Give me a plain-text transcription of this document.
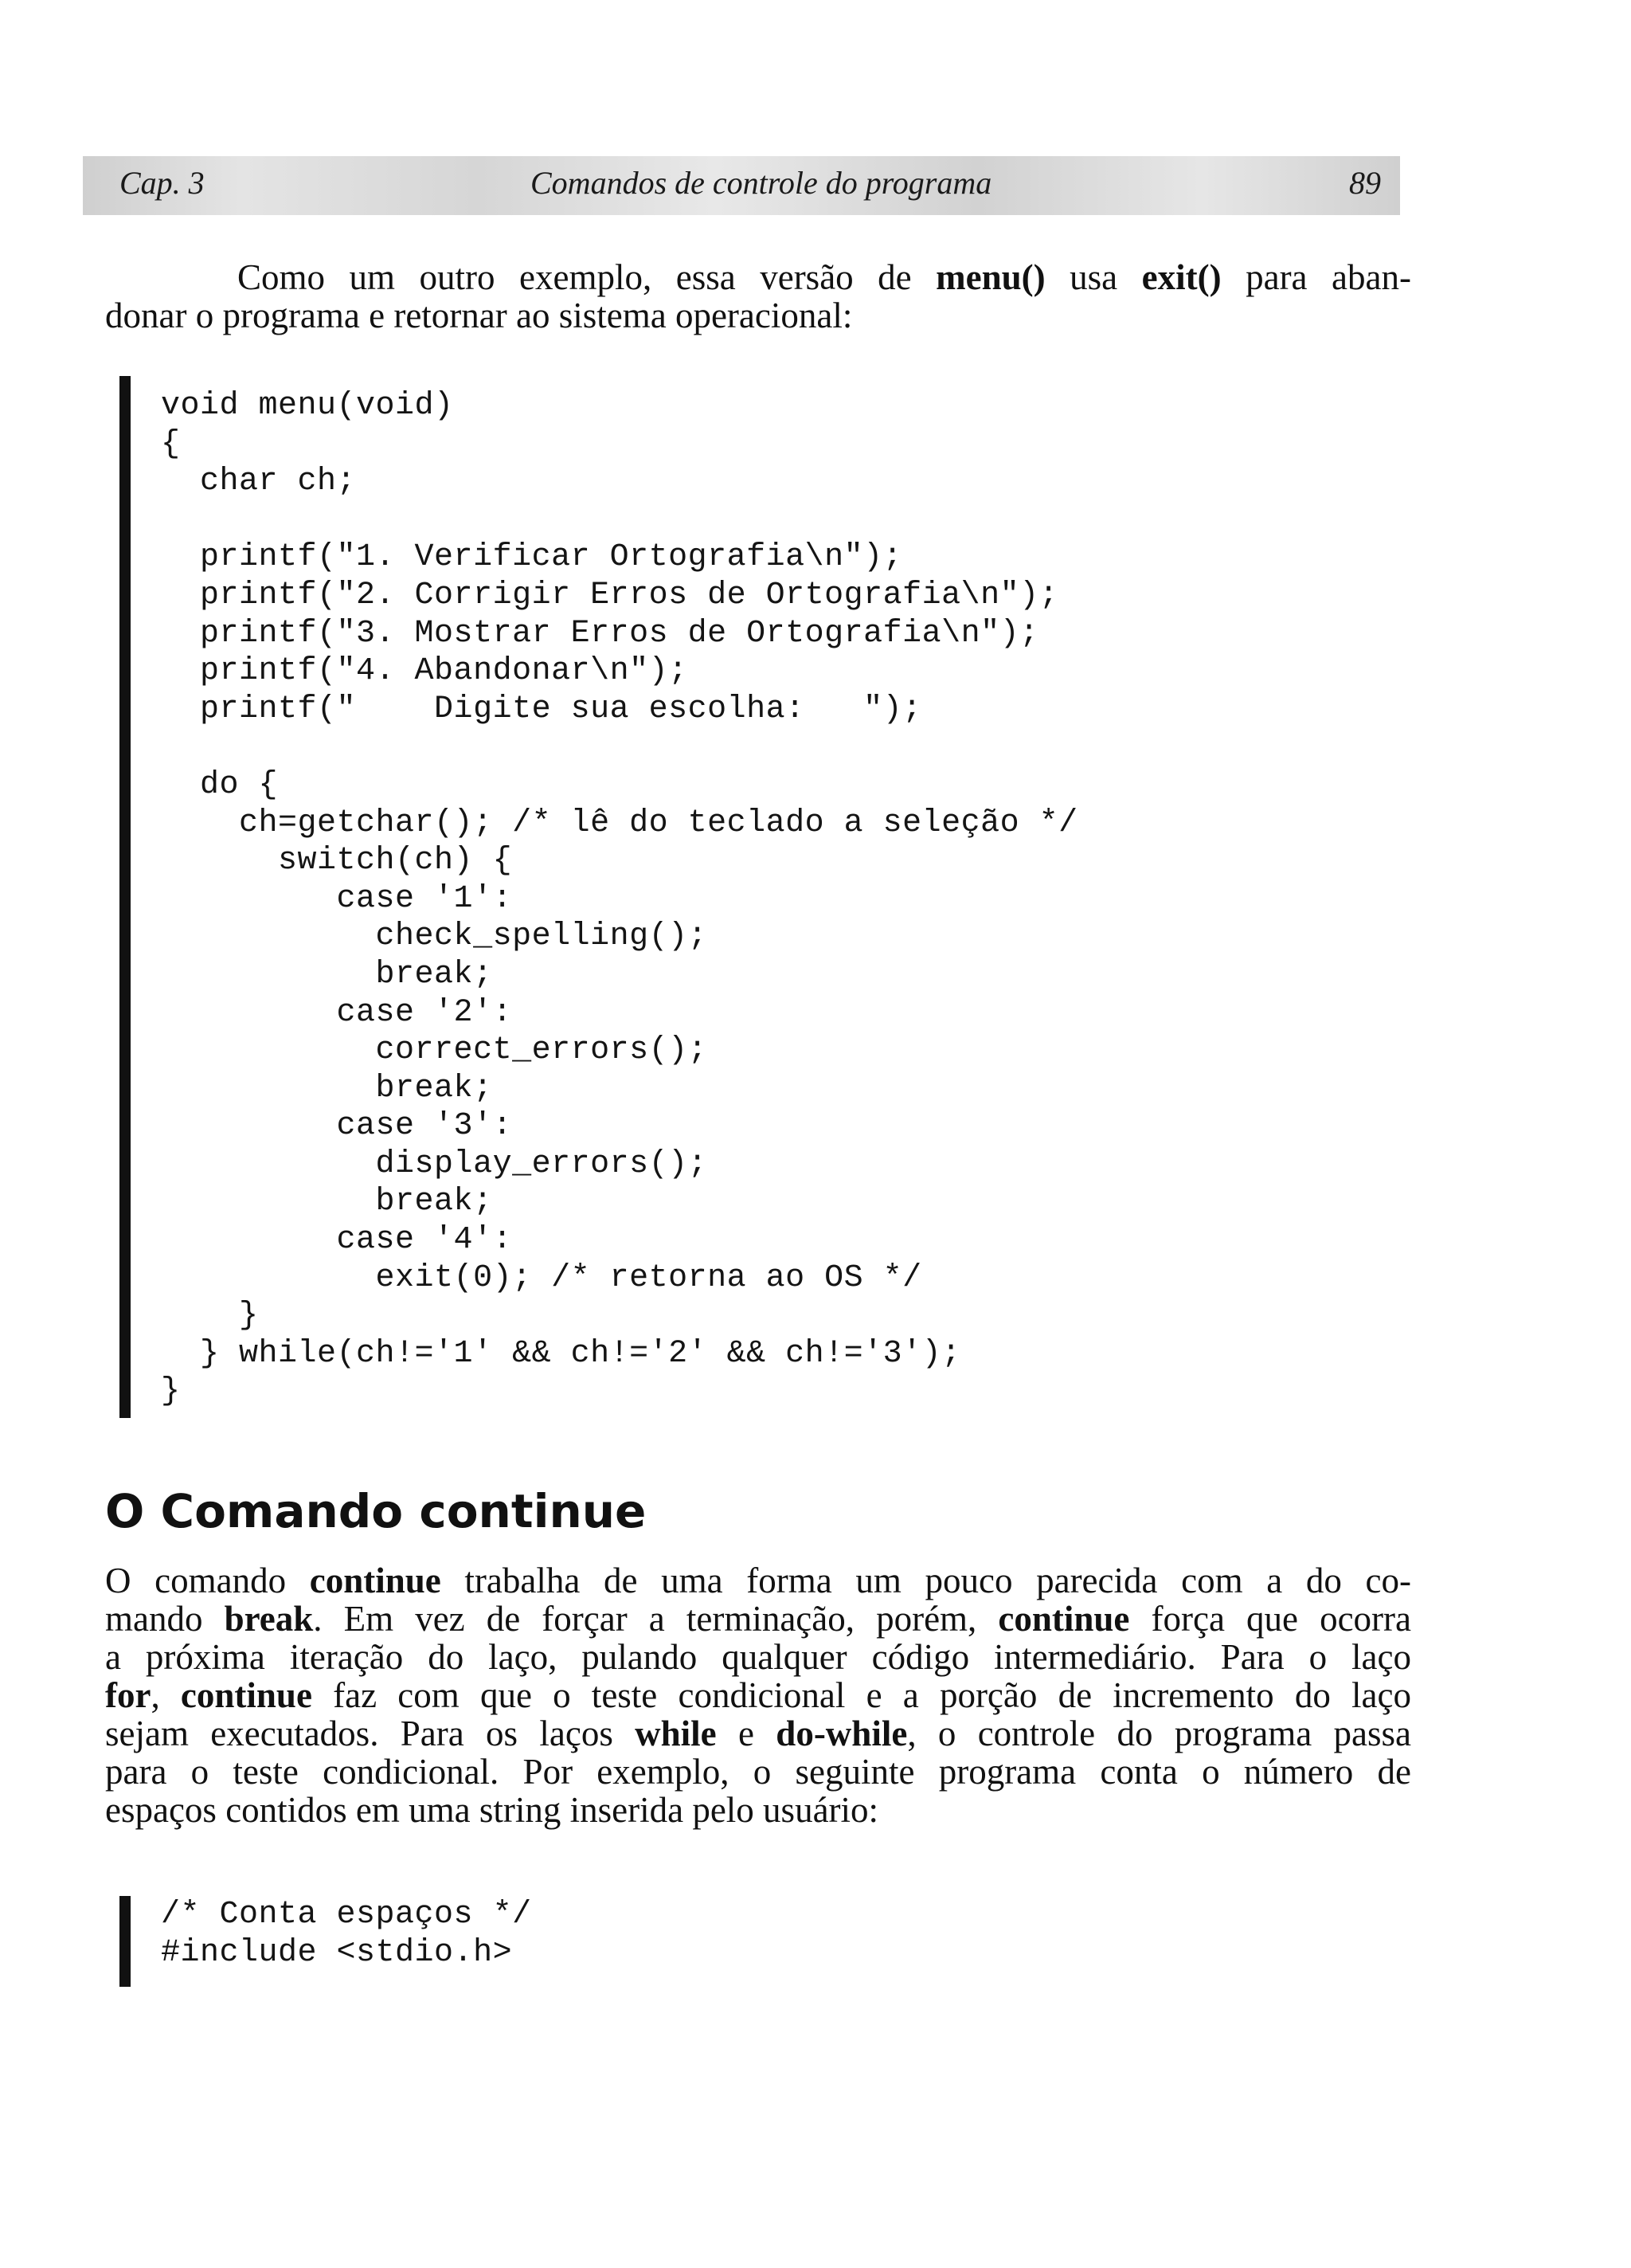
Cap. 3	Comandos de controle do programa	89
Como um outro exemplo, essa versão de menu() usa exit() para aban-
donar o programa e retornar ao sistema operacional:
void menu(void)
{
char ch;

printf("1. Verificar Ortografia\n");
printf("2. Corrigir Erros de Ortografia\n");
printf("3. Mostrar Erros de Ortografia\n");
printf("4. Abandonar\n");
printf("    Digite sua escolha:   ");

do {
ch=getchar(); /* lê do teclado a seleção */
switch(ch) {
case '1':
check_spelling();
break;
case '2':
correct_errors();
break;
case '3':
display_errors();
break;
case '4':
exit(0); /* retorna ao OS */
}
} while(ch!='1' && ch!='2' && ch!='3');
}

O Comando continue
O comando continue trabalha de uma forma um pouco parecida com a do co-
mando break. Em vez de forçar a terminação, porém, continue força que ocorra
a próxima iteração do laço, pulando qualquer código intermediário. Para o laço
for, continue faz com que o teste condicional e a porção de incremento do laço
sejam executados. Para os laços while e do-while, o controle do programa passa
para o teste condicional. Por exemplo, o seguinte programa conta o número de
espaços contidos em uma string inserida pelo usuário:
/* Conta espaços */
#include <stdio.h>
